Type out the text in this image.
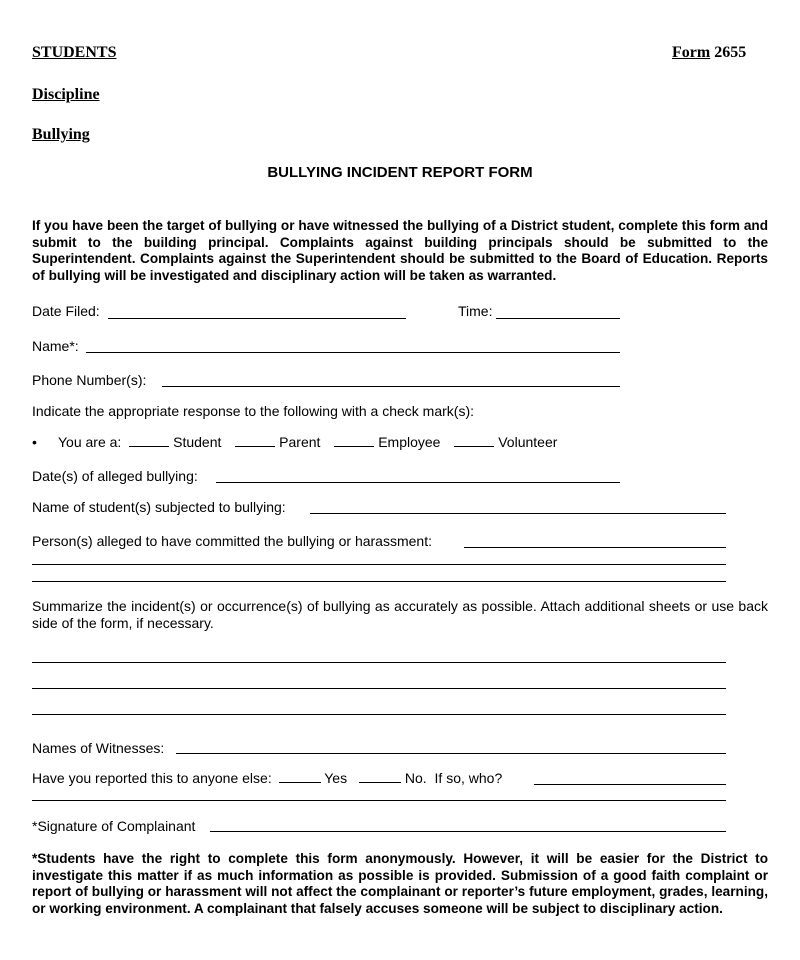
STUDENTS	Form 2655
Discipline
Bullying
BULLYING INCIDENT REPORT FORM
If you have been the target of bullying or have witnessed the bullying of a District student, complete this form and submit to the building principal. Complaints against building principals should be submitted to the Superintendent. Complaints against the Superintendent should be submitted to the Board of Education. Reports of bullying will be investigated and disciplinary action will be taken as warranted.
Date Filed:	Time:
Name*:
Phone Number(s):
Indicate the appropriate response to the following with a check mark(s):
• You are a:	Student	Parent	Employee	Volunteer
Date(s) of alleged bullying:
Name of student(s) subjected to bullying:
Person(s) alleged to have committed the bullying or harassment:
Summarize the incident(s) or occurrence(s) of bullying as accurately as possible. Attach additional sheets or use back side of the form, if necessary.
Names of Witnesses:
Have you reported this to anyone else:	Yes	No. If so, who?
*Signature of Complainant
*Students have the right to complete this form anonymously. However, it will be easier for the District to investigate this matter if as much information as possible is provided. Submission of a good faith complaint or report of bullying or harassment will not affect the complainant or reporter’s future employment, grades, learning, or working environment. A complainant that falsely accuses someone will be subject to disciplinary action.
